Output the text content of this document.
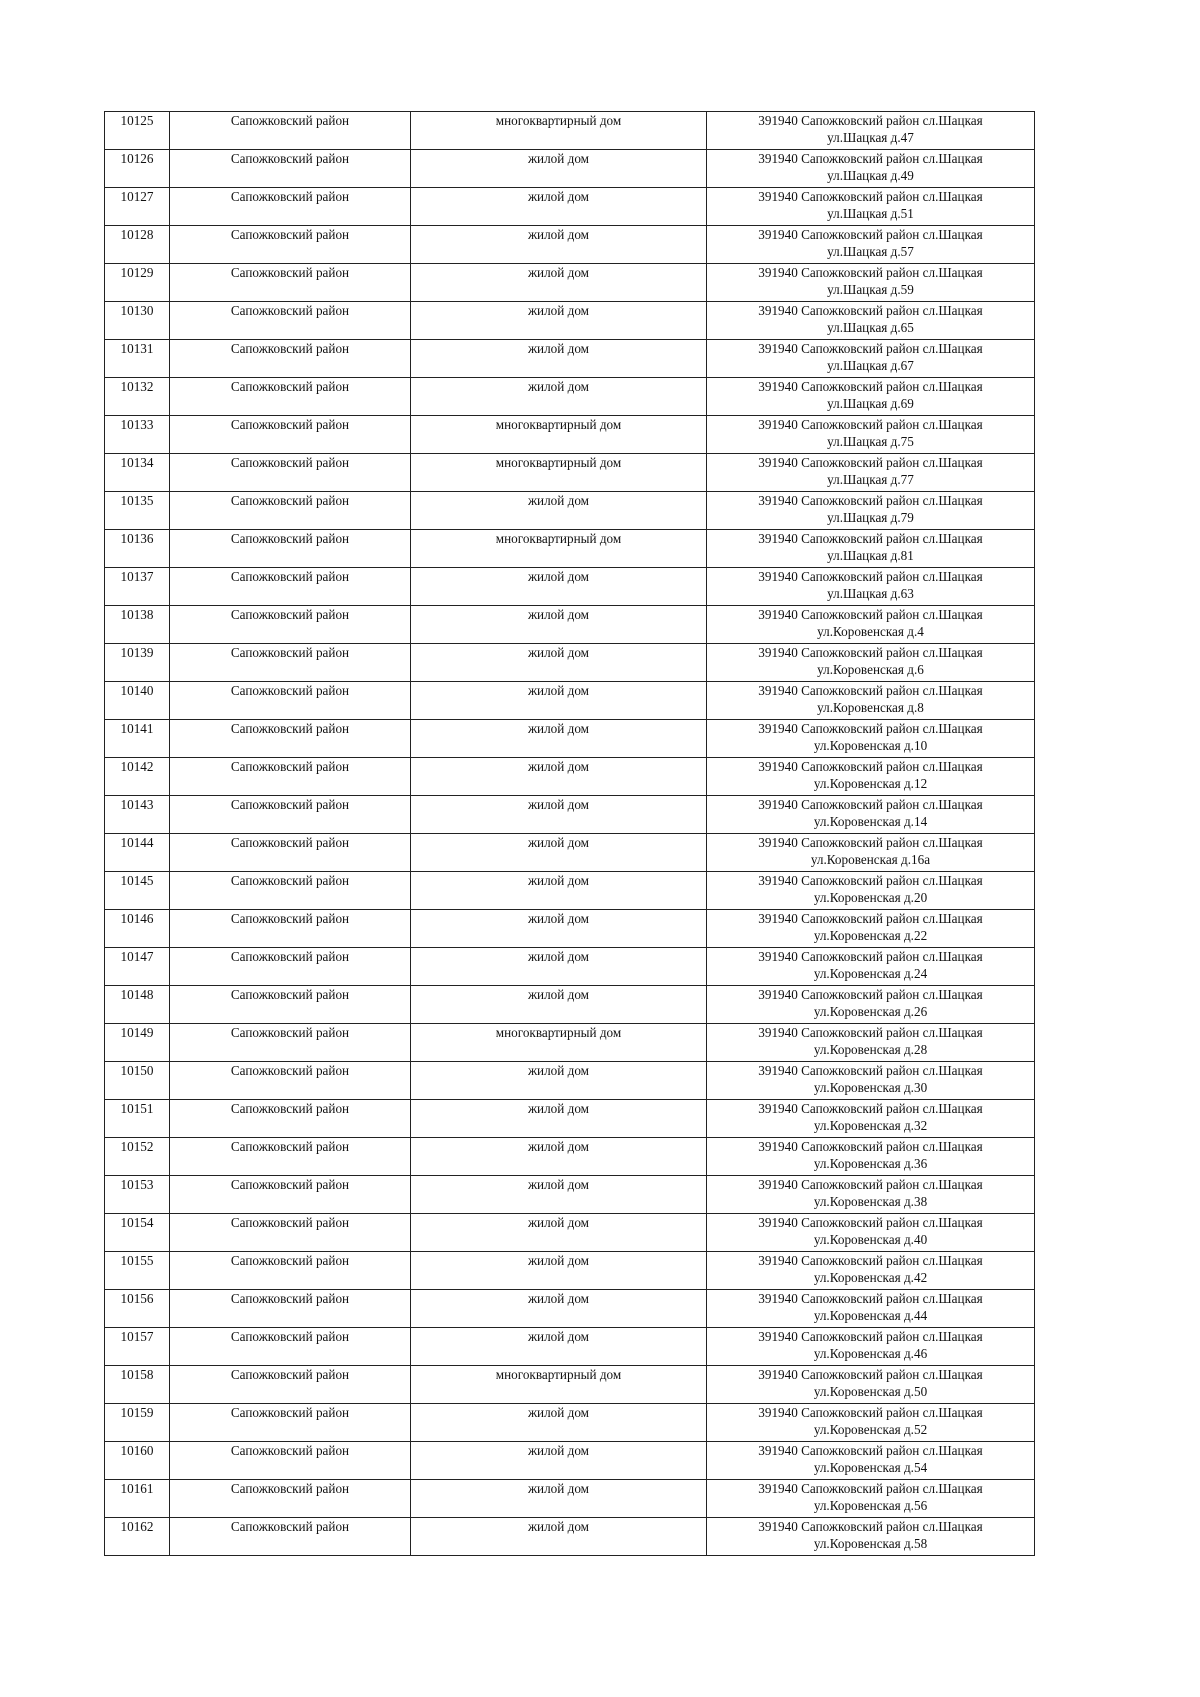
10125	Сапожковский район	многоквартирный дом	391940 Сапожковский район сл.Шацкая
ул.Шацкая д.47

10126	Сапожковский район	жилой дом	391940 Сапожковский район сл.Шацкая
ул.Шацкая д.49

10127	Сапожковский район	жилой дом	391940 Сапожковский район сл.Шацкая
ул.Шацкая д.51

10128	Сапожковский район	жилой дом	391940 Сапожковский район сл.Шацкая
ул.Шацкая д.57

10129	Сапожковский район	жилой дом	391940 Сапожковский район сл.Шацкая
ул.Шацкая д.59

10130	Сапожковский район	жилой дом	391940 Сапожковский район сл.Шацкая
ул.Шацкая д.65

10131	Сапожковский район	жилой дом	391940 Сапожковский район сл.Шацкая
ул.Шацкая д.67

10132	Сапожковский район	жилой дом	391940 Сапожковский район сл.Шацкая
ул.Шацкая д.69

10133	Сапожковский район	многоквартирный дом	391940 Сапожковский район сл.Шацкая
ул.Шацкая д.75

10134	Сапожковский район	многоквартирный дом	391940 Сапожковский район сл.Шацкая
ул.Шацкая д.77

10135	Сапожковский район	жилой дом	391940 Сапожковский район сл.Шацкая
ул.Шацкая д.79

10136	Сапожковский район	многоквартирный дом	391940 Сапожковский район сл.Шацкая
ул.Шацкая д.81

10137	Сапожковский район	жилой дом	391940 Сапожковский район сл.Шацкая
ул.Шацкая д.63

10138	Сапожковский район	жилой дом	391940 Сапожковский район сл.Шацкая
ул.Коровенская д.4

10139	Сапожковский район	жилой дом	391940 Сапожковский район сл.Шацкая
ул.Коровенская д.6

10140	Сапожковский район	жилой дом	391940 Сапожковский район сл.Шацкая
ул.Коровенская д.8

10141	Сапожковский район	жилой дом	391940 Сапожковский район сл.Шацкая
ул.Коровенская д.10

10142	Сапожковский район	жилой дом	391940 Сапожковский район сл.Шацкая
ул.Коровенская д.12

10143	Сапожковский район	жилой дом	391940 Сапожковский район сл.Шацкая
ул.Коровенская д.14

10144	Сапожковский район	жилой дом	391940 Сапожковский район сл.Шацкая
ул.Коровенская д.16а

10145	Сапожковский район	жилой дом	391940 Сапожковский район сл.Шацкая
ул.Коровенская д.20

10146	Сапожковский район	жилой дом	391940 Сапожковский район сл.Шацкая
ул.Коровенская д.22

10147	Сапожковский район	жилой дом	391940 Сапожковский район сл.Шацкая
ул.Коровенская д.24

10148	Сапожковский район	жилой дом	391940 Сапожковский район сл.Шацкая
ул.Коровенская д.26

10149	Сапожковский район	многоквартирный дом	391940 Сапожковский район сл.Шацкая
ул.Коровенская д.28

10150	Сапожковский район	жилой дом	391940 Сапожковский район сл.Шацкая
ул.Коровенская д.30

10151	Сапожковский район	жилой дом	391940 Сапожковский район сл.Шацкая
ул.Коровенская д.32

10152	Сапожковский район	жилой дом	391940 Сапожковский район сл.Шацкая
ул.Коровенская д.36

10153	Сапожковский район	жилой дом	391940 Сапожковский район сл.Шацкая
ул.Коровенская д.38

10154	Сапожковский район	жилой дом	391940 Сапожковский район сл.Шацкая
ул.Коровенская д.40

10155	Сапожковский район	жилой дом	391940 Сапожковский район сл.Шацкая
ул.Коровенская д.42

10156	Сапожковский район	жилой дом	391940 Сапожковский район сл.Шацкая
ул.Коровенская д.44

10157	Сапожковский район	жилой дом	391940 Сапожковский район сл.Шацкая
ул.Коровенская д.46

10158	Сапожковский район	многоквартирный дом	391940 Сапожковский район сл.Шацкая
ул.Коровенская д.50

10159	Сапожковский район	жилой дом	391940 Сапожковский район сл.Шацкая
ул.Коровенская д.52

10160	Сапожковский район	жилой дом	391940 Сапожковский район сл.Шацкая
ул.Коровенская д.54

10161	Сапожковский район	жилой дом	391940 Сапожковский район сл.Шацкая
ул.Коровенская д.56

10162	Сапожковский район	жилой дом	391940 Сапожковский район сл.Шацкая
ул.Коровенская д.58
